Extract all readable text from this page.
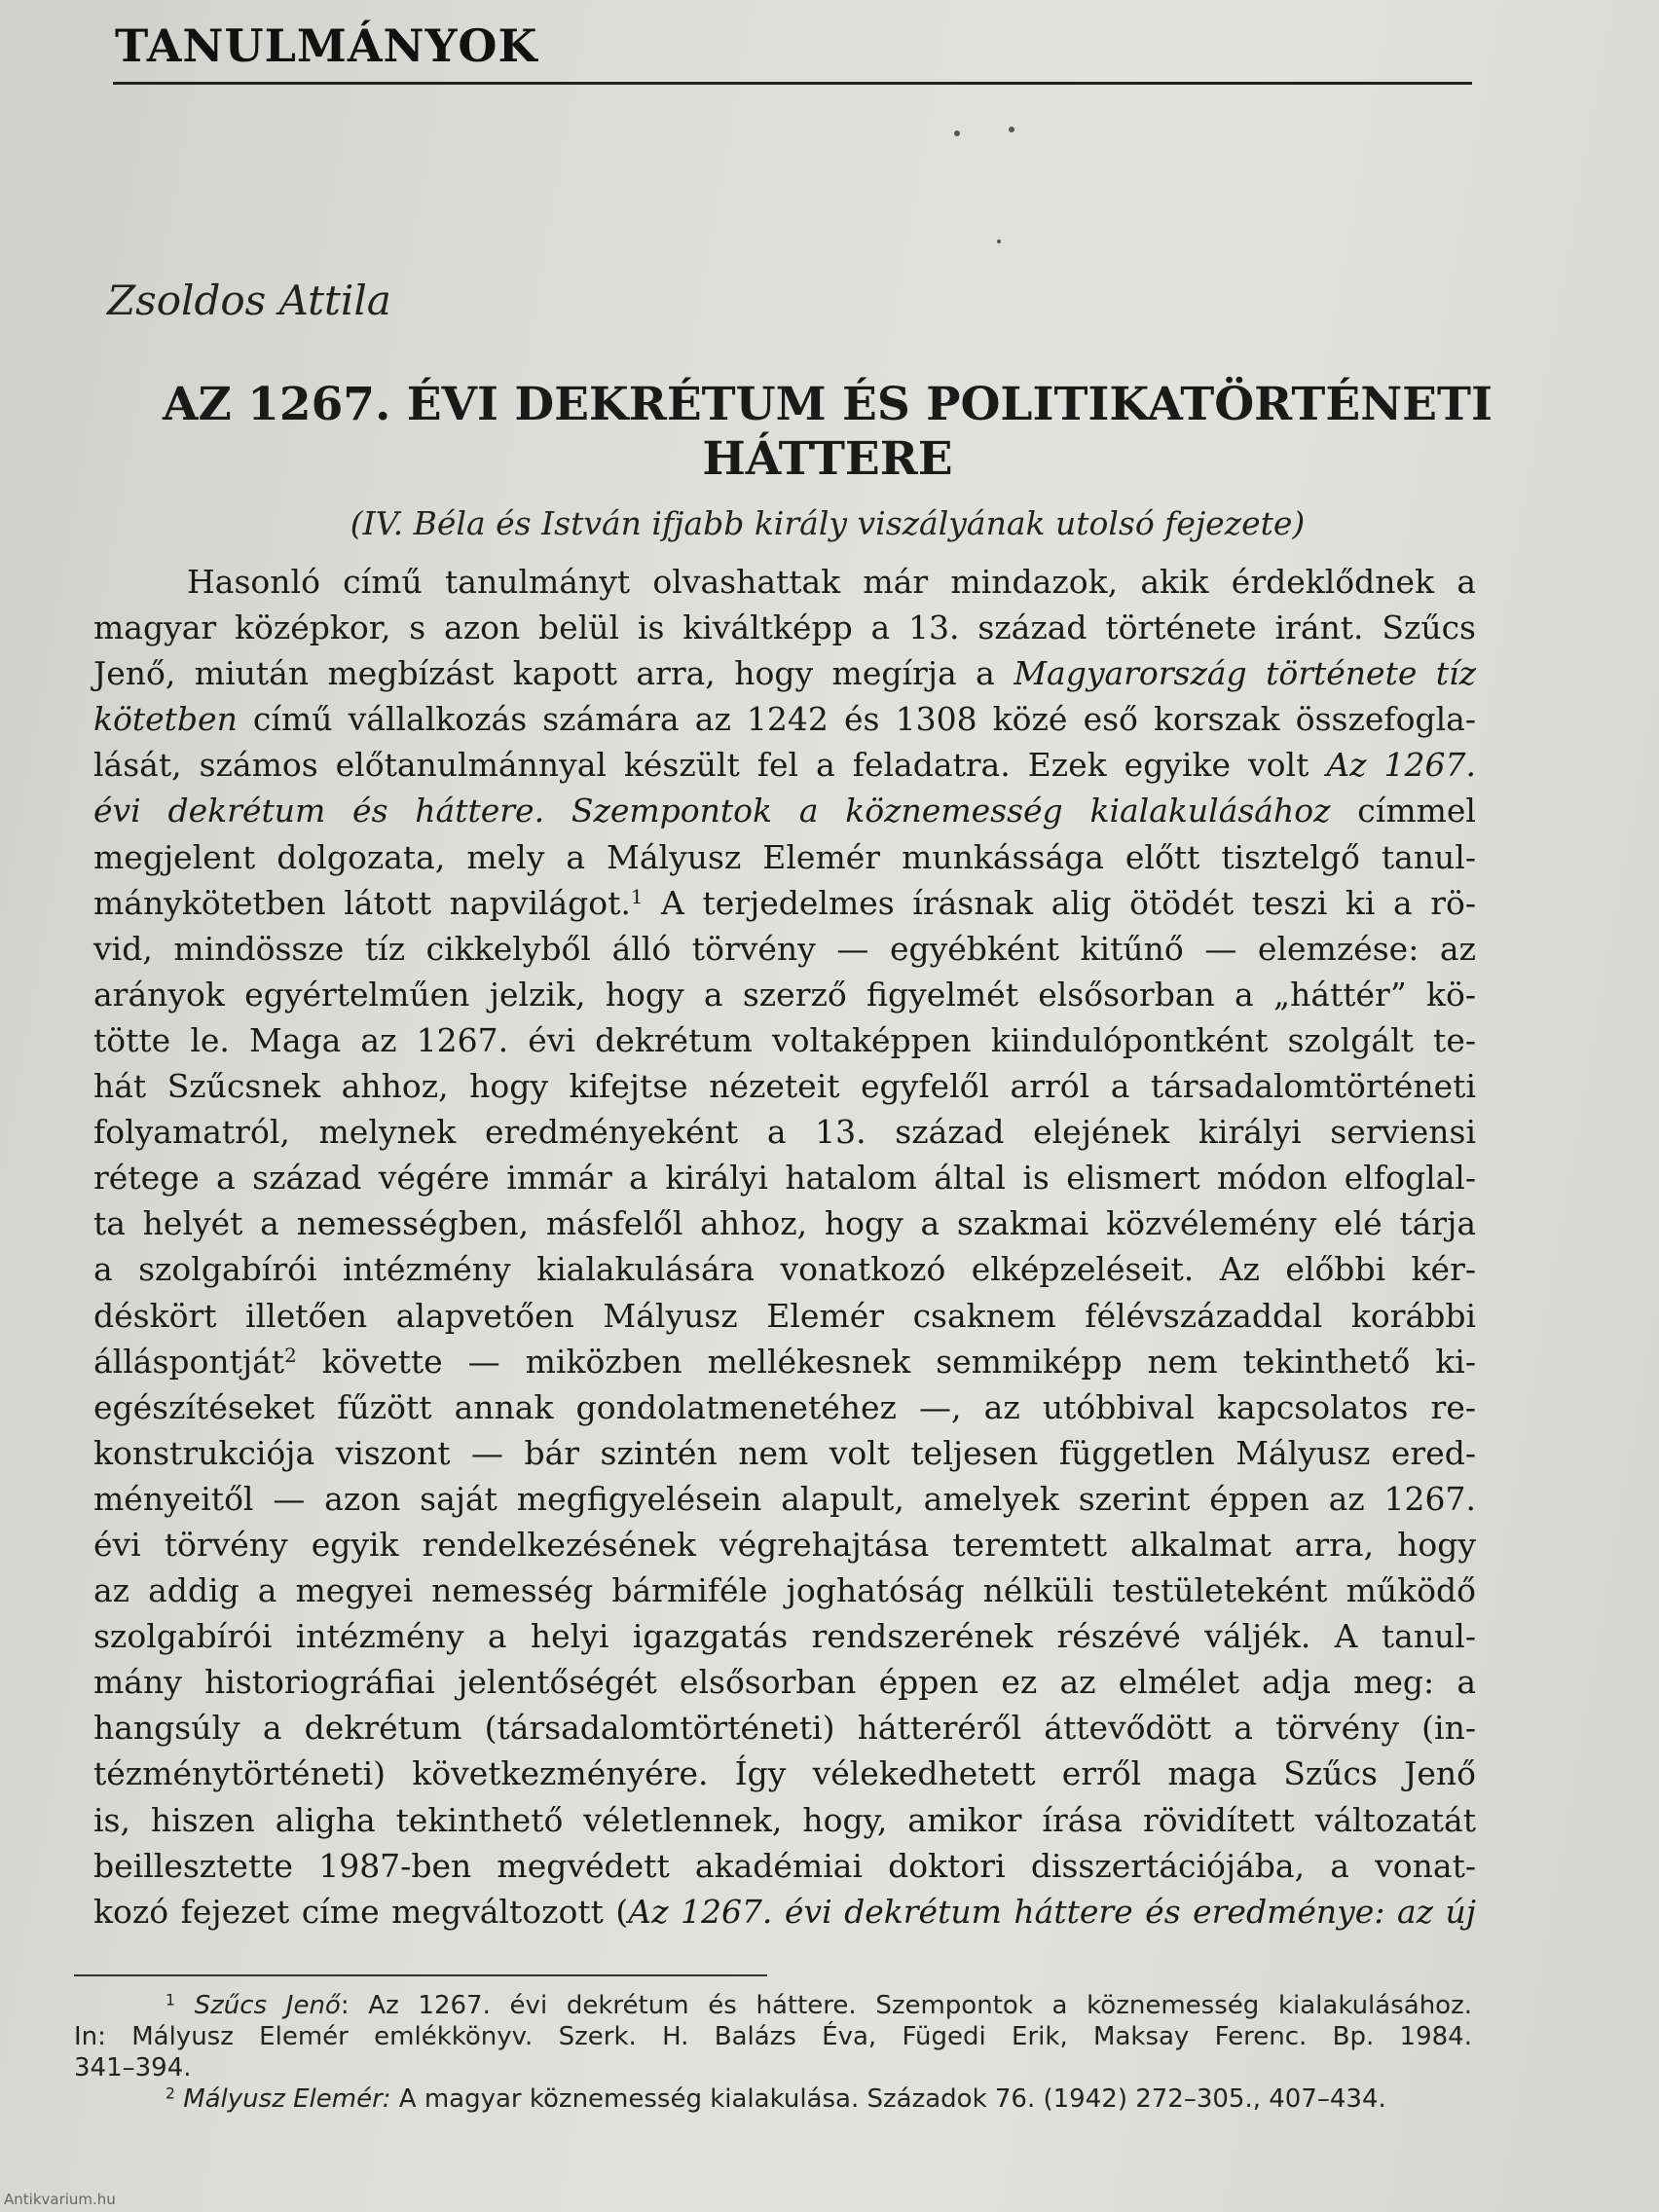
TANULMÁNYOK
Zsoldos Attila
AZ 1267. ÉVI DEKRÉTUM ÉS POLITIKATÖRTÉNETI
HÁTTERE
(IV. Béla és István ifjabb király viszályának utolsó fejezete)
Hasonló című tanulmányt olvashattak már mindazok, akik érdeklődnek a
magyar középkor, s azon belül is kiváltképp a 13. század története iránt. Szűcs
Jenő, miután megbízást kapott arra, hogy megírja a Magyarország története tíz
kötetben című vállalkozás számára az 1242 és 1308 közé eső korszak összefogla-
lását, számos előtanulmánnyal készült fel a feladatra. Ezek egyike volt Az 1267.
évi dekrétum és háttere. Szempontok a köznemesség kialakulásához címmel
megjelent dolgozata, mely a Mályusz Elemér munkássága előtt tisztelgő tanul-
mánykötetben látott napvilágot.$^1$ A terjedelmes írásnak alig ötödét teszi ki a rö-
vid, mindössze tíz cikkelyből álló törvény — egyébként kitűnő — elemzése: az
arányok egyértelműen jelzik, hogy a szerző figyelmét elsősorban a „háttér” kö-
tötte le. Maga az 1267. évi dekrétum voltaképpen kiindulópontként szolgált te-
hát Szűcsnek ahhoz, hogy kifejtse nézeteit egyfelől arról a társadalomtörténeti
folyamatról, melynek eredményeként a 13. század elejének királyi serviensi
rétege a század végére immár a királyi hatalom által is elismert módon elfoglal-
ta helyét a nemességben, másfelől ahhoz, hogy a szakmai közvélemény elé tárja
a szolgabírói intézmény kialakulására vonatkozó elképzeléseit. Az előbbi kér-
déskört illetően alapvetően Mályusz Elemér csaknem félévszázaddal korábbi
álláspontját$^2$ követte — miközben mellékesnek semmiképp nem tekinthető ki-
egészítéseket fűzött annak gondolatmenetéhez —, az utóbbival kapcsolatos re-
konstrukciója viszont — bár szintén nem volt teljesen független Mályusz ered-
ményeitől — azon saját megfigyelésein alapult, amelyek szerint éppen az 1267.
évi törvény egyik rendelkezésének végrehajtása teremtett alkalmat arra, hogy
az addig a megyei nemesség bármiféle joghatóság nélküli testületeként működő
szolgabírói intézmény a helyi igazgatás rendszerének részévé váljék. A tanul-
mány historiográfiai jelentőségét elsősorban éppen ez az elmélet adja meg: a
hangsúly a dekrétum (társadalomtörténeti) hátteréről áttevődött a törvény (in-
tézménytörténeti) következményére. Így vélekedhetett erről maga Szűcs Jenő
is, hiszen aligha tekinthető véletlennek, hogy, amikor írása rövidített változatát
beillesztette 1987-ben megvédett akadémiai doktori disszertációjába, a vonat-
kozó fejezet címe megváltozott (Az 1267. évi dekrétum háttere és eredménye: az új
$^1$ Szűcs Jenő: Az 1267. évi dekrétum és háttere. Szempontok a köznemesség kialakulásához.
In: Mályusz Elemér emlékkönyv. Szerk. H. Balázs Éva, Fügedi Erik, Maksay Ferenc. Bp. 1984.
341–394.
$^2$ Mályusz Elemér: A magyar köznemesség kialakulása. Századok 76. (1942) 272–305., 407–434.
Antikvarium.hu
